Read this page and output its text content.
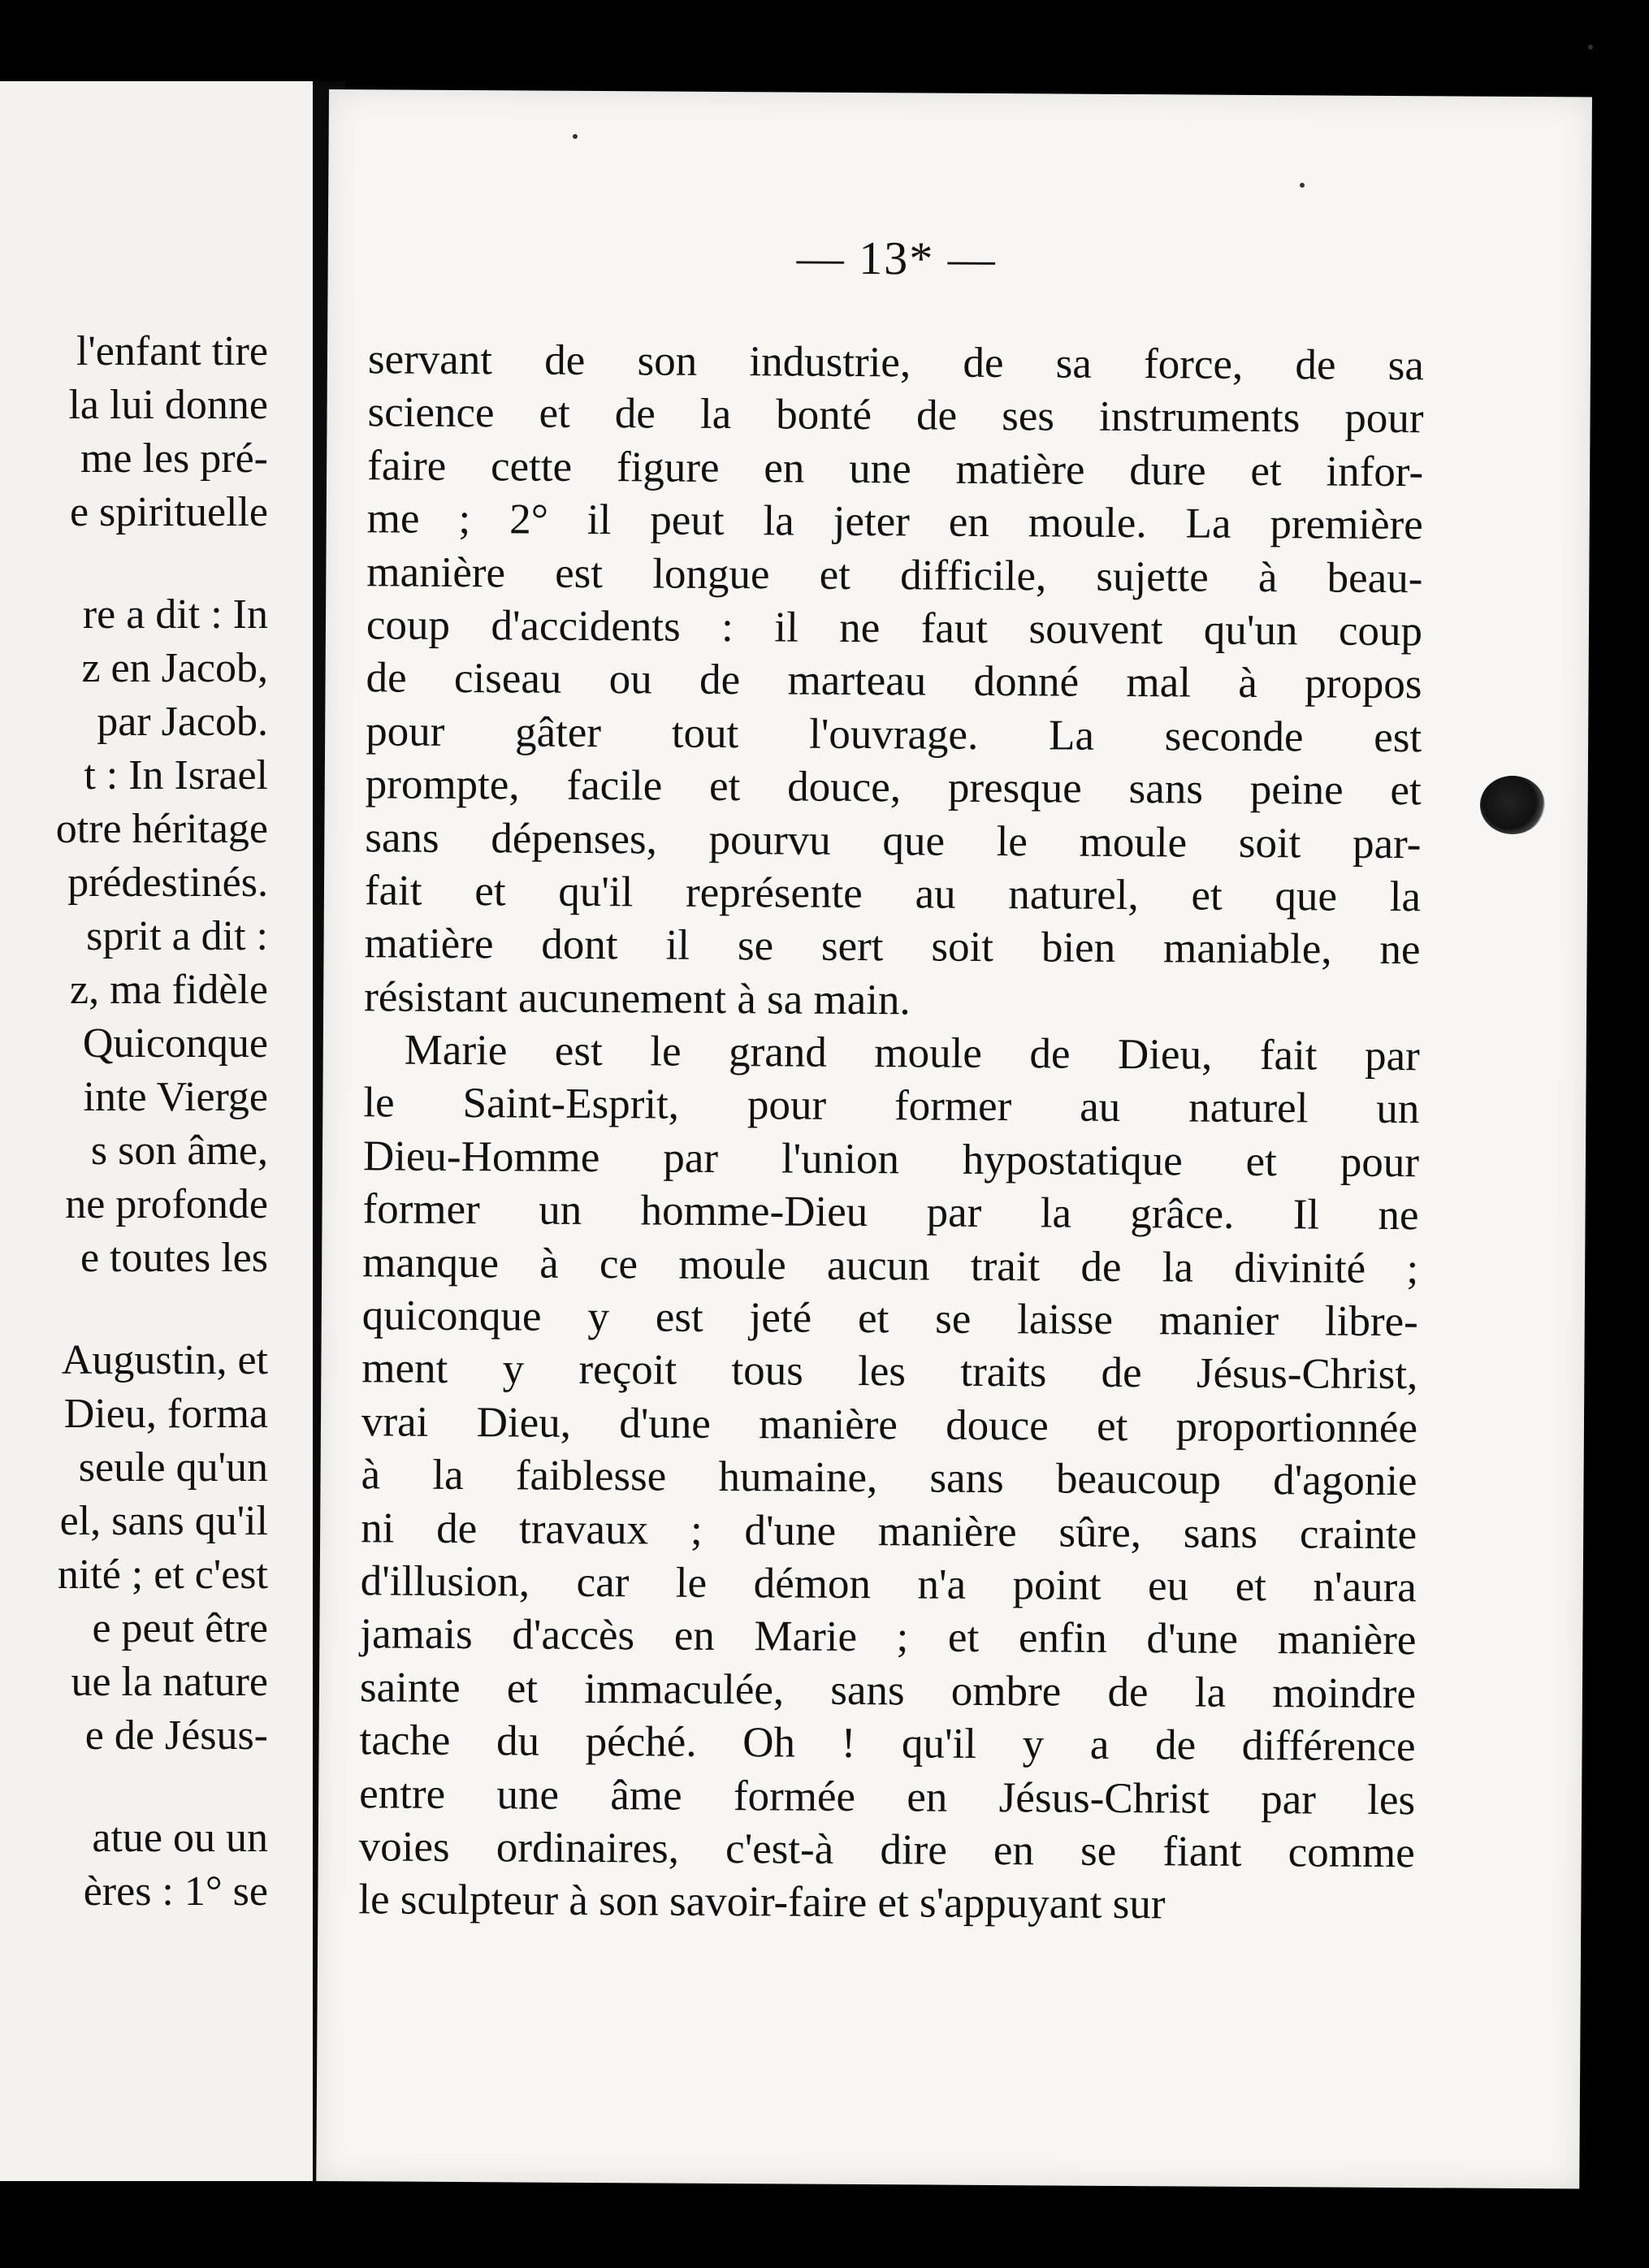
l'enfant tire
la lui donne
me les pré-
e spirituelle
re a dit : In
z en Jacob,
par Jacob.
t : In Israel
otre héritage
prédestinés.
sprit a dit :
z, ma fidèle
Quiconque
inte Vierge
s son âme,
ne profonde
e toutes les
Augustin, et
Dieu, forma
seule qu'un
el, sans qu'il
nité ; et c'est
e peut être
ue la nature
e de Jésus-
atue ou un
ères : 1° se
— 13* —

servant de son industrie, de sa force, de sa
science et de la bonté de ses instruments pour
faire cette figure en une matière dure et infor-
me ; 2° il peut la jeter en moule. La première
manière est longue et difficile, sujette à beau-
coup d'accidents : il ne faut souvent qu'un coup
de ciseau ou de marteau donné mal à propos
pour gâter tout l'ouvrage. La seconde est
prompte, facile et douce, presque sans peine et
sans dépenses, pourvu que le moule soit par-
fait et qu'il représente au naturel, et que la
matière dont il se sert soit bien maniable, ne
résistant aucunement à sa main.

Marie est le grand moule de Dieu, fait par
le Saint-Esprit, pour former au naturel un
Dieu-Homme par l'union hypostatique et pour
former un homme-Dieu par la grâce. Il ne
manque à ce moule aucun trait de la divinité ;
quiconque y est jeté et se laisse manier libre-
ment y reçoit tous les traits de Jésus-Christ,
vrai Dieu, d'une manière douce et proportionnée
à la faiblesse humaine, sans beaucoup d'agonie
ni de travaux ; d'une manière sûre, sans crainte
d'illusion, car le démon n'a point eu et n'aura
jamais d'accès en Marie ; et enfin d'une manière
sainte et immaculée, sans ombre de la moindre
tache du péché. Oh ! qu'il y a de différence
entre une âme formée en Jésus-Christ par les
voies ordinaires, c'est-à dire en se fiant comme
le sculpteur à son savoir-faire et s'appuyant sur
